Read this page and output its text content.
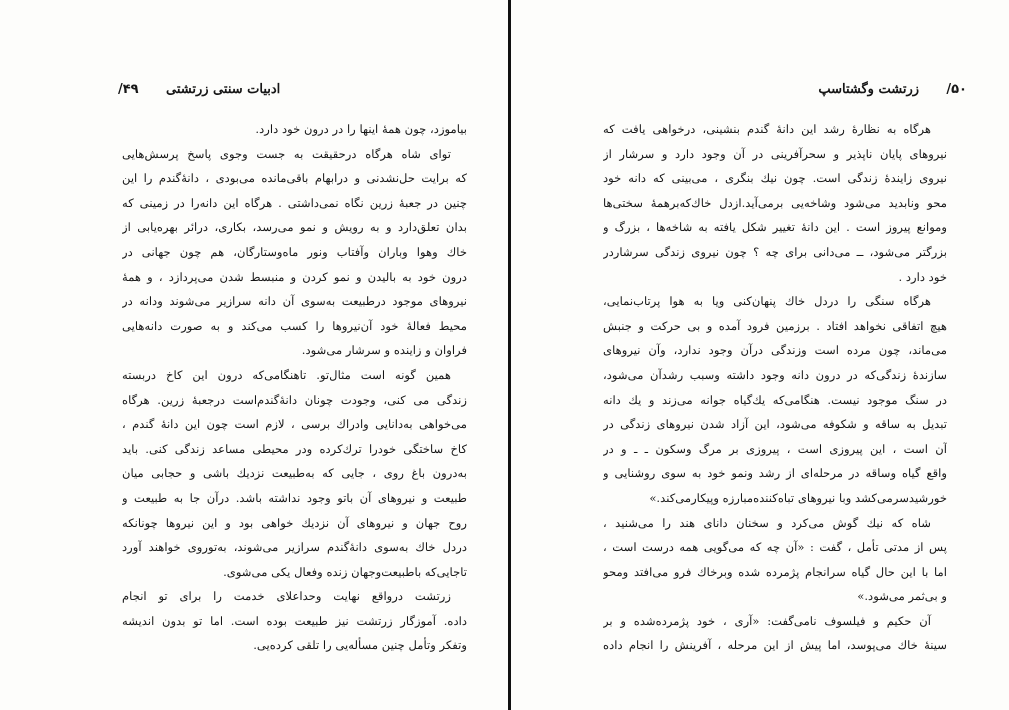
۴۹/ ادبیات سنتی زرتشتی
بیاموزد، چون همهٔ اینها را در درون خود دارد.
توای شاه هرگاه درحقیقت به جست وجوی پاسخ پرسش‌هایی
که برایت حل‌نشدنی و درابهام باقی‌مانده می‌بودی ، دانهٔ‌گندم را این
چنین در جعبهٔ زرین نگاه نمی‌داشتی . هرگاه این دانه‌را در زمینی که
بدان تعلق‌دارد و به رویش و نمو می‌رسد، بکاری، درائر بهره‌یابی از
خاك‌ وهوا وباران وآفتاب ونور ماه‌وستارگان، هم چون جهانی در
درون خود به بالیدن و نمو کردن و منبسط شدن می‌پردازد ، و همهٔ
نیروهای موجود درطبیعت به‌سوی آن دانه سرازیر می‌شوند ودانه در
محیط فعالهٔ خود آن‌نیروها را کسب می‌کند و به صورت دانه‌هایی
فراوان و زاینده و سرشار می‌شود.
همین گونه است مثال‌تو. تاهنگامی‌که درون این کاخ دربسته
زندگی می کنی، وجودت چونان دانهٔ‌گندم‌است درجعبهٔ زرین. هرگاه
می‌خواهی به‌دانایی وادراك برسی ، لازم است چون این دانهٔ گندم ،
کاخ ساختگی خودرا ترك‌کرده ودر محیطی مساعد زندگی کنی. باید
به‌درون باغ روی ، جایی که به‌طبیعت نزدیك باشی و حجابی میان
طبیعت و نیروهای آن باتو وجود نداشته باشد. درآن جا به طبیعت و
روح جهان و نیروهای آن نزدیك خواهی بود و این نیروها چونانکه
دردل خاك به‌سوی دانهٔ‌گندم سرازیر می‌شوند، به‌توروی خواهند آورد
تاجایی‌که باطبیعت‌وجهان زنده وفعال یکی می‌شوی.
زرتشت درواقع نهایت وحداعلای خدمت را برای تو انجام
داده. آموزگار زرتشت نیز طبیعت بوده است. اما تو بدون اندیشه
وتفکر وتأمل چنین مسأله‌یی را تلقی کرده‌یی.
۵۰/
زرتشت وگشتاسپ
هرگاه به نظارهٔ رشد این دانهٔ گندم بنشینی، درخواهی یافت که
نیروهای پایان ناپذیر و سحرآفرینی در آن وجود دارد و سرشار از
نیروی زایندهٔ زندگی است. چون نیك بنگری ، می‌بینی که دانه خود
محو ونابدید می‌شود وشاخه‌یی برمی‌آید.ازدل خاك‌که‌برهمهٔ سختی‌ها
وموانع پیروز است . این دانهٔ تغییر شکل یافته به شاخه‌ها ، بزرگ و
بزرگتر می‌شود، ــ می‌دانی برای چه ؟ چون نیروی زندگی سرشاردر
خود دارد .
هرگاه سنگی را دردل خاك پنهان‌کنی ویا به هوا پرتاب‌نمایی،
هیچ اتفاقی نخواهد افتاد . برزمین فرود آمده و بی حرکت و جنبش
می‌ماند، چون مرده است وزندگی درآن وجود ندارد، وآن نیروهای
سازندهٔ زندگی‌که در درون دانه وجود داشته وسبب رشدآن می‌شود،
در سنگ موجود نیست. هنگامی‌که یك‌گیاه جوانه می‌زند و یك دانه
تبدیل به ساقه و شکوفه می‌شود، این آزاد شدن نیروهای زندگی در
آن است ، این پیروزی است ، پیروزی بر مرگ وسکون ـ ـ و در
واقع گیاه وساقه در مرحله‌ای از رشد ونمو خود به سوی روشنایی و
خورشیدسرمی‌کشد وبا نیروهای تباه‌کننده‌مبارزه وپیکارمی‌کند.»
شاه که نیك گوش می‌کرد و سخنان دانای هند را می‌شنید ،
پس از مدتی تأمل ، گفت : «آن چه که می‌گویی همه درست است ،
اما با این حال گیاه سرانجام پژمرده شده وبرخاك فرو می‌افتد ومحو
و بی‌ثمر می‌شود.»
آن حکیم و فیلسوف نامی‌گفت: «آری ، خود پژمرده‌شده و بر
سینهٔ خاك می‌پوسد، اما پیش از این مرحله ، آفرینش را انجام داده
